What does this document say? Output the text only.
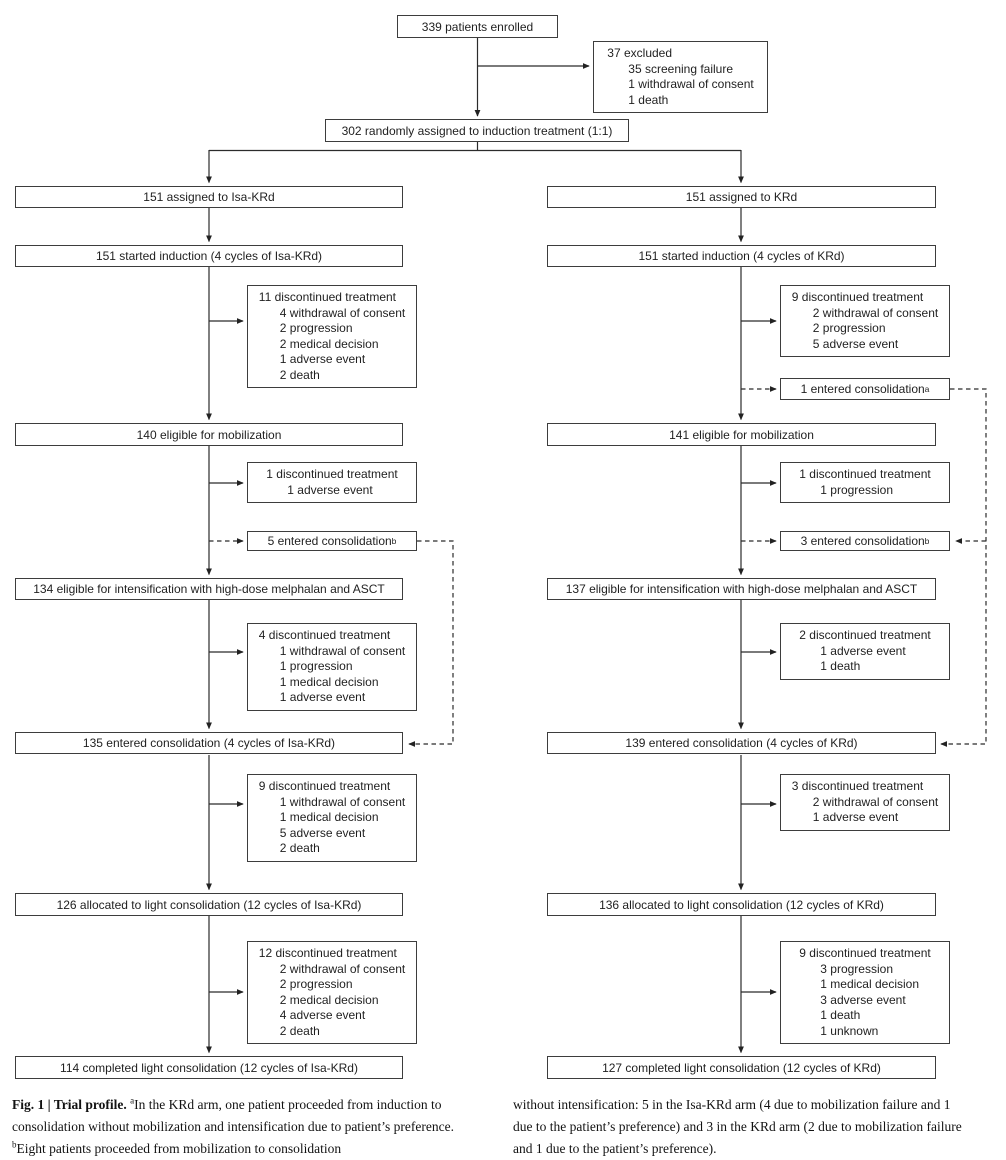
339 patients enrolled
37 excluded
35 screening failure
1 withdrawal of consent
1 death
302 randomly assigned to induction treatment (1:1)
151 assigned to Isa-KRd	151 assigned to KRd
151 started induction (4 cycles of Isa-KRd)	151 started induction (4 cycles of KRd)
11 discontinued treatment
4 withdrawal of consent
2 progression
2 medical decision
1 adverse event
2 death
9 discontinued treatment
2 withdrawal of consent
2 progression
5 adverse event
1 entered consolidation a
140 eligible for mobilization	141 eligible for mobilization
1 discontinued treatment
1 adverse event
1 discontinued treatment
1 progression
5 entered consolidation b	3 entered consolidation b
134 eligible for intensification with high-dose melphalan and ASCT	137 eligible for intensification with high-dose melphalan and ASCT
4 discontinued treatment
1 withdrawal of consent
1 progression
1 medical decision
1 adverse event
2 discontinued treatment
1 adverse event
1 death
135 entered consolidation (4 cycles of Isa-KRd)	139 entered consolidation (4 cycles of KRd)
9 discontinued treatment
1 withdrawal of consent
1 medical decision
5 adverse event
2 death
3 discontinued treatment
2 withdrawal of consent
1 adverse event
126 allocated to light consolidation (12 cycles of Isa-KRd)	136 allocated to light consolidation (12 cycles of KRd)
12 discontinued treatment
2 withdrawal of consent
2 progression
2 medical decision
4 adverse event
2 death
9 discontinued treatment
3 progression
1 medical decision
3 adverse event
1 death
1 unknown
114 completed light consolidation (12 cycles of Isa-KRd)	127 completed light consolidation (12 cycles of KRd)
Fig. 1 | Trial profile. $^a$In the KRd arm, one patient proceeded from induction to consolidation without mobilization and intensification due to patient’s preference. $^b$Eight patients proceeded from mobilization to consolidation
without intensification: 5 in the Isa-KRd arm (4 due to mobilization failure and 1 due to the patient’s preference) and 3 in the KRd arm (2 due to mobilization failure and 1 due to the patient’s preference).
